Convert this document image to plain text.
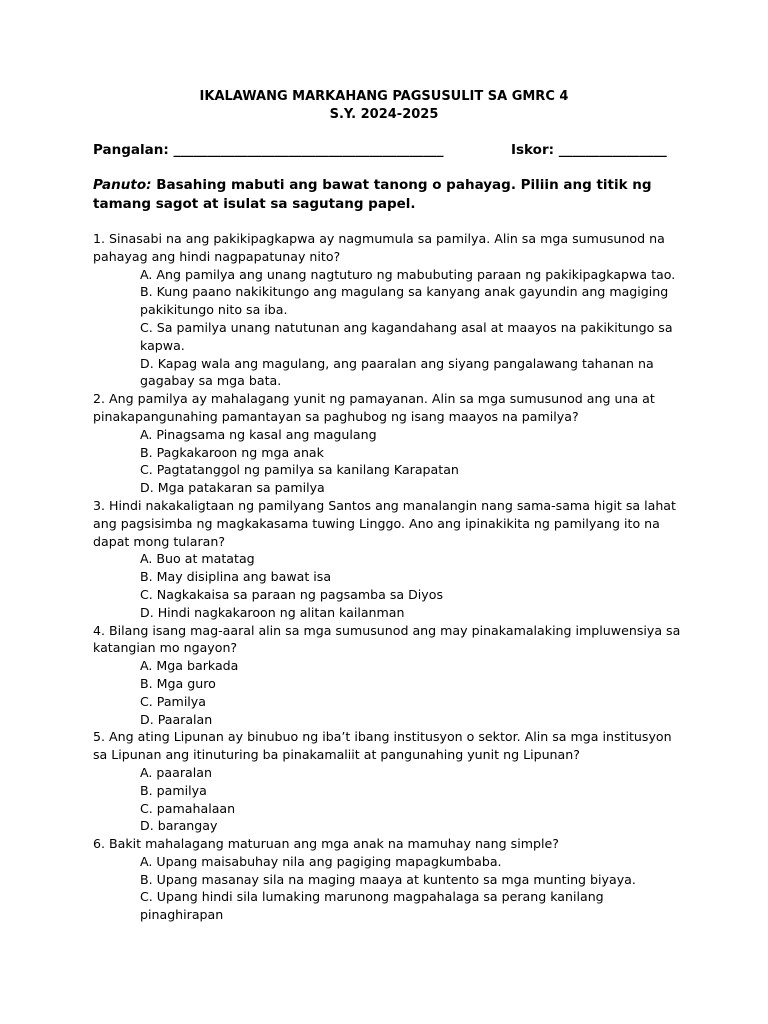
IKALAWANG MARKAHANG PAGSUSULIT SA GMRC 4
S.Y. 2024-2025
Pangalan: ________________________________________	Iskor: ________________
Panuto: Basahing mabuti ang bawat tanong o pahayag. Piliin ang titik ng tamang sagot at isulat sa sagutang papel.

1. Sinasabi na ang pakikipagkapwa ay nagmumula sa pamilya. Alin sa mga sumusunod na pahayag ang hindi nagpapatunay nito?

A. Ang pamilya ang unang nagtuturo ng mabubuting paraan ng pakikipagkapwa tao.
B. Kung paano nakikitungo ang magulang sa kanyang anak gayundin ang magiging pakikitungo nito sa iba.
C. Sa pamilya unang natutunan ang kagandahang asal at maayos na pakikitungo sa kapwa.
D. Kapag wala ang magulang, ang paaralan ang siyang pangalawang tahanan na gagabay sa mga bata.

2. Ang pamilya ay mahalagang yunit ng pamayanan. Alin sa mga sumusunod ang una at pinakapangunahing pamantayan sa paghubog ng isang maayos na pamilya?

A. Pinagsama ng kasal ang magulang
B. Pagkakaroon ng mga anak
C. Pagtatanggol ng pamilya sa kanilang Karapatan
D. Mga patakaran sa pamilya

3. Hindi nakakaligtaan ng pamilyang Santos ang manalangin nang sama-sama higit sa lahat ang pagsisimba ng magkakasama tuwing Linggo. Ano ang ipinakikita ng pamilyang ito na dapat mong tularan?

A. Buo at matatag
B. May disiplina ang bawat isa
C. Nagkakaisa sa paraan ng pagsamba sa Diyos
D. Hindi nagkakaroon ng alitan kailanman

4. Bilang isang mag-aaral alin sa mga sumusunod ang may pinakamalaking impluwensiya sa katangian mo ngayon?

A. Mga barkada
B. Mga guro
C. Pamilya
D. Paaralan

5. Ang ating Lipunan ay binubuo ng iba’t ibang institusyon o sektor. Alin sa mga institusyon sa Lipunan ang itinuturing ba pinakamaliit at pangunahing yunit ng Lipunan?

A. paaralan
B. pamilya
C. pamahalaan
D. barangay

6. Bakit mahalagang maturuan ang mga anak na mamuhay nang simple?

A. Upang maisabuhay nila ang pagiging mapagkumbaba.
B. Upang masanay sila na maging maaya at kuntento sa mga munting biyaya.
C. Upang hindi sila lumaking marunong magpahalaga sa perang kanilang pinaghirapan
